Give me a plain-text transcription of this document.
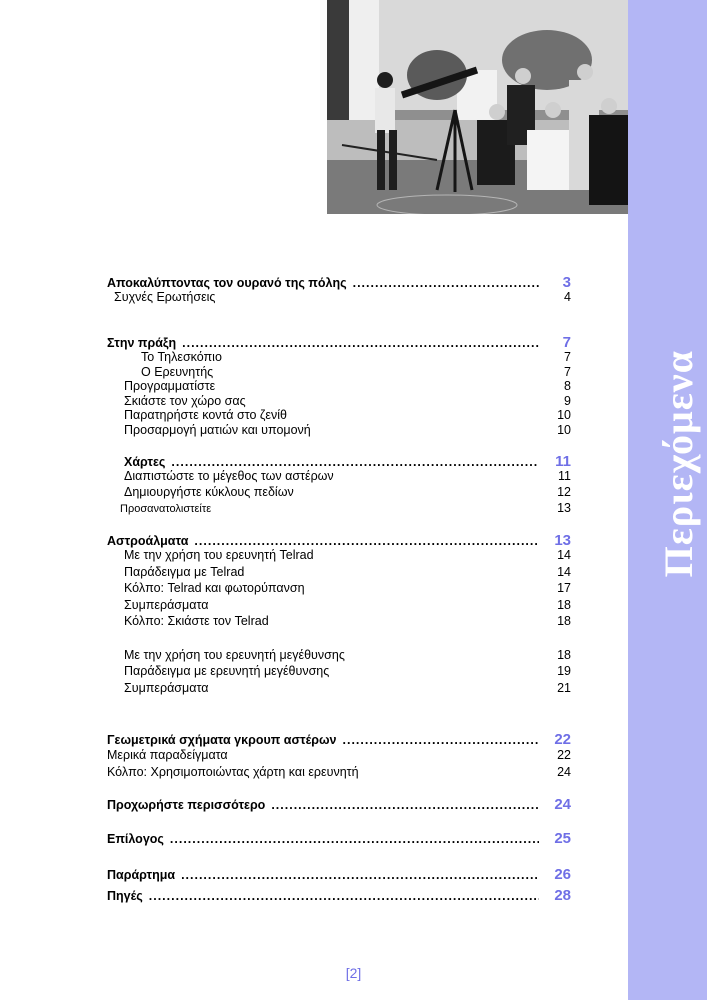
Περιεχόμενα
Αποκαλύπτοντας τον ουρανό της πόλης .....	3
Συχνές Ερωτήσεις	4
Στην πράξη .....	7
Το Τηλεσκόπιο	7
Ο Ερευνητής	7
Προγραμματίστε	8
Σκιάστε τον χώρο σας	9
Παρατηρήστε κοντά στο ζενίθ	10
Προσαρμογή ματιών και υπομονή	10
Χάρτες .....	11
Διαπιστώστε το μέγεθος των αστέρων	11
Δημιουργήστε κύκλους πεδίων	12
Προσανατολιστείτε	13
Αστροάλματα .....	13
Με την χρήση του ερευνητή Telrad	14
Παράδειγμα με Telrad	14
Κόλπο: Telrad και φωτορύπανση	17
Συμπεράσματα	18
Κόλπο: Σκιάστε τον Telrad	18
Με την χρήση του ερευνητή μεγέθυνσης	18
Παράδειγμα με ερευνητή μεγέθυνσης	19
Συμπεράσματα	21
Γεωμετρικά σχήματα γκρουπ αστέρων .....	22
Μερικά παραδείγματα	22
Κόλπο: Χρησιμοποιώντας χάρτη και ερευνητή	24
Προχωρήστε περισσότερο .....	24
Επίλογος .....	25
Παράρτημα .....	26
Πηγές .....	28
[2]
